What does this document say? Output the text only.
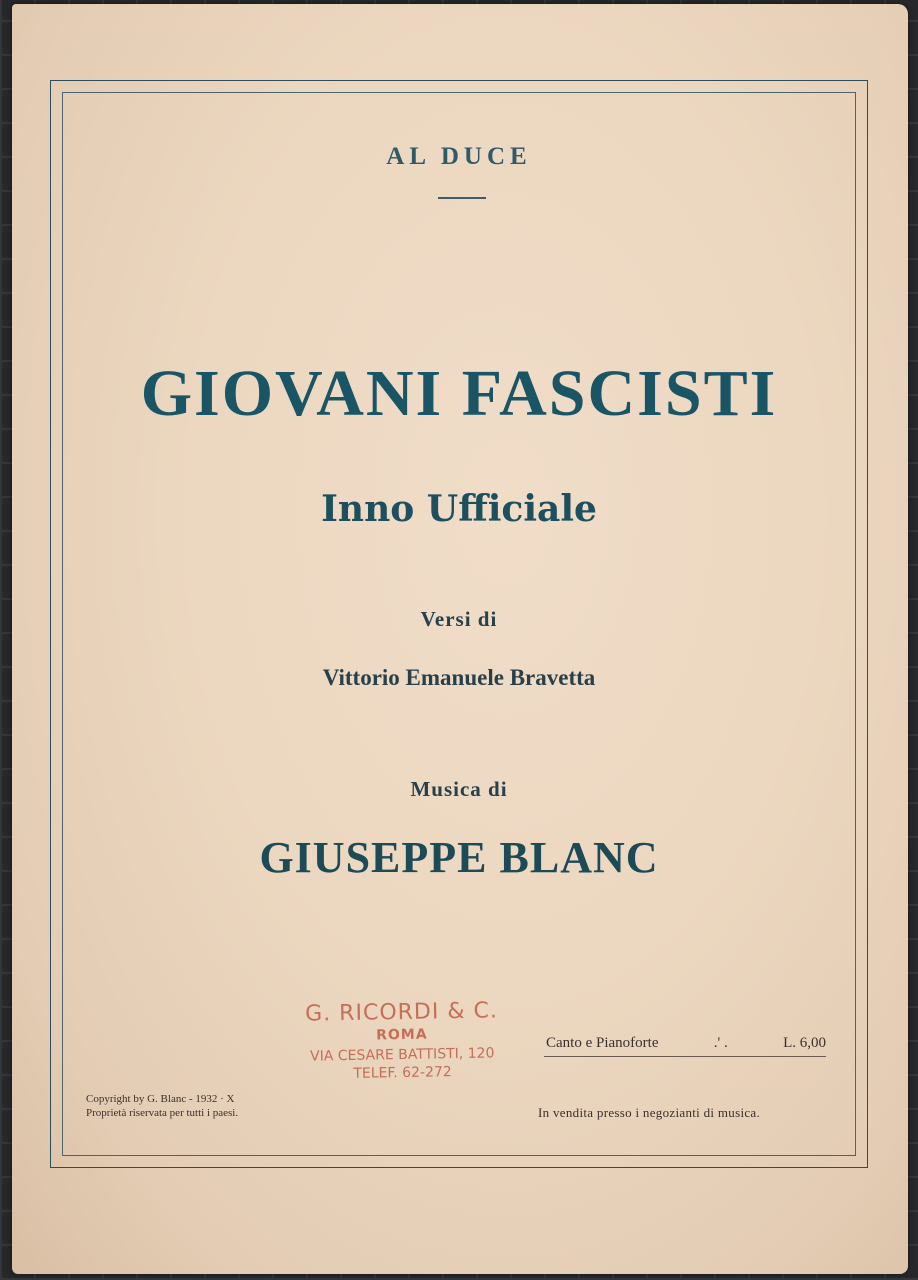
AL DUCE
GIOVANI FASCISTI
Inno Ufficiale
Versi di
Vittorio Emanuele Bravetta
Musica di
GIUSEPPE BLANC
G. RICORDI & C.
ROMA
VIA CESARE BATTISTI, 120
TELEF. 62-272
Canto e Pianoforte	.' .	L. 6,00
Copyright by G. Blanc - 1932 · X
Proprietà riservata per tutti i paesi.	In vendita presso i negozianti di musica.
